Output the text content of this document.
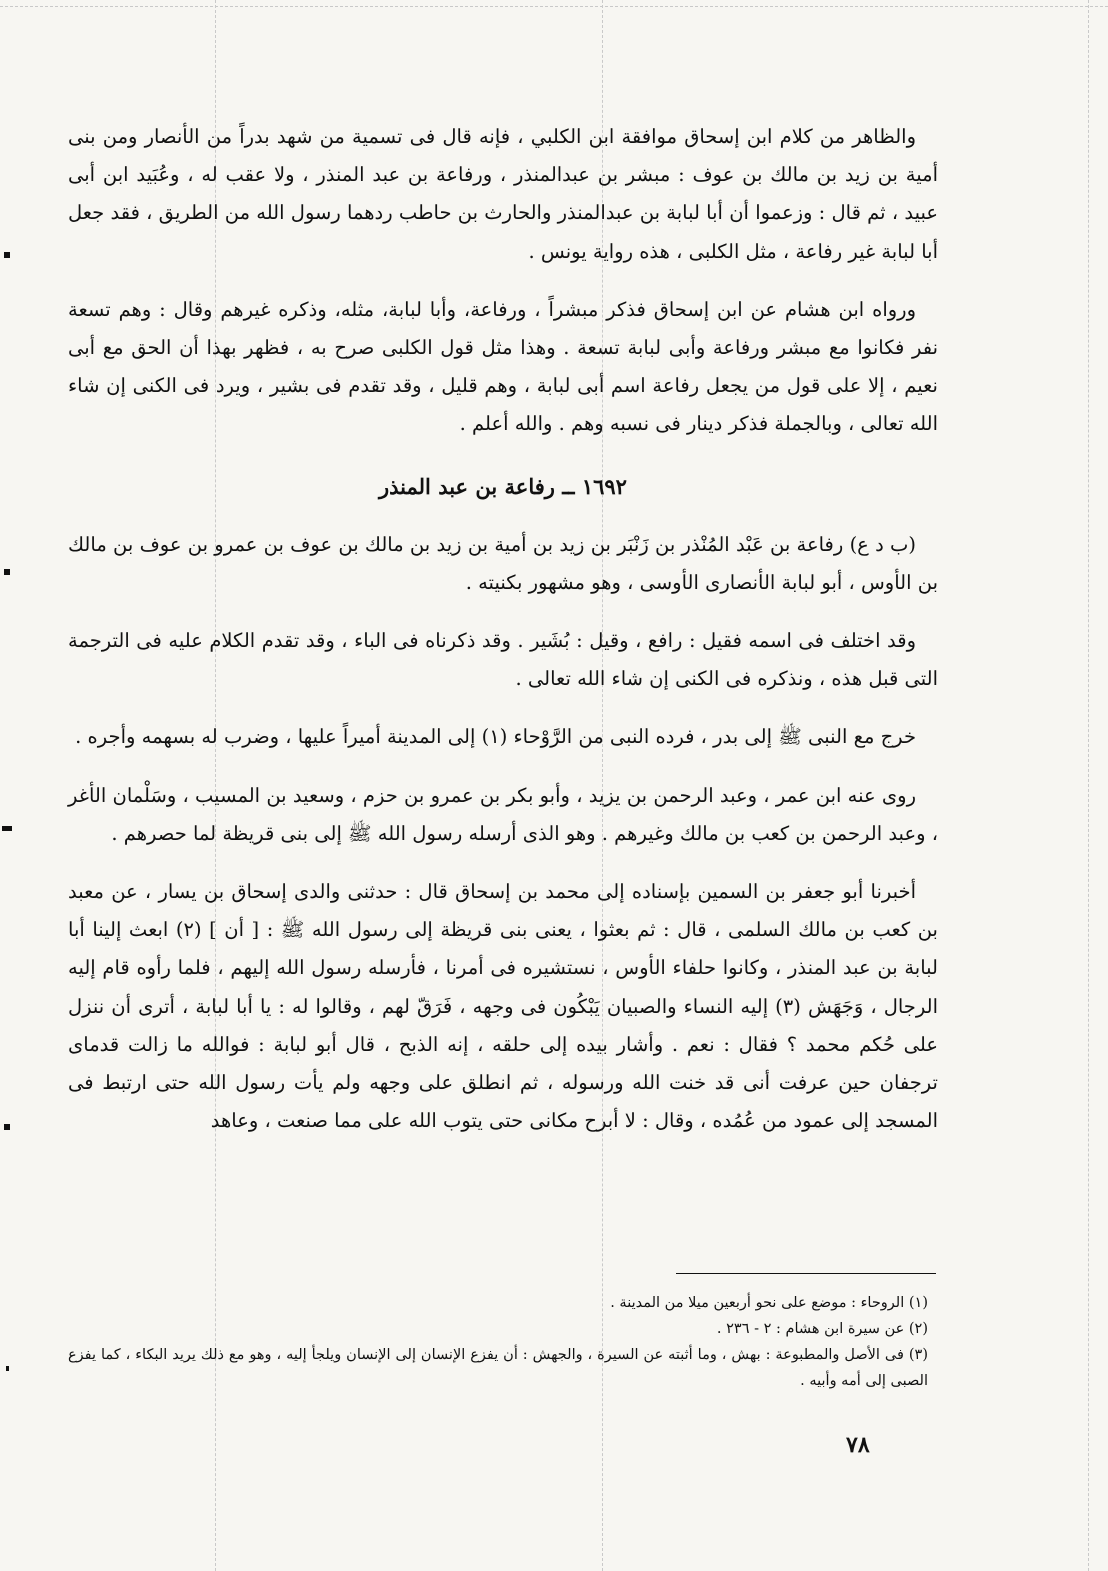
والظاهر من كلام ابن إسحاق موافقة ابن الكلبي ، فإنه قال فى تسمية من شهد بدراً من الأنصار ومن بنى أمية بن زيد بن مالك بن عوف : مبشر بن عبدالمنذر ، ورفاعة بن عبد المنذر ، ولا عقب له ، وعُبَيد ابن أبى عبيد ، ثم قال : وزعموا أن أبا لبابة بن عبدالمنذر والحارث بن حاطب ردهما رسول الله من الطريق ، فقد جعل أبا لبابة غير رفاعة ، مثل الكلبى ، هذه رواية يونس .

ورواه ابن هشام عن ابن إسحاق فذكر مبشراً ، ورفاعة، وأبا لبابة، مثله، وذكره غيرهم وقال : وهم تسعة نفر فكانوا مع مبشر ورفاعة وأبى لبابة تسعة . وهذا مثل قول الكلبى صرح به ، فظهر بهذا أن الحق مع أبى نعيم ، إلا على قول من يجعل رفاعة اسم أبى لبابة ، وهم قليل ، وقد تقدم فى بشير ، ويرد فى الكنى إن شاء الله تعالى ، وبالجملة فذكر دينار فى نسبه وهم . والله أعلم .

١٦٩٢ ــ رفاعة بن عبد المنذر

(ب د ع) رفاعة بن عَبْد المُنْذر بن زَنْبَر بن زيد بن أمية بن زيد بن مالك بن عوف بن عمرو بن عوف بن مالك بن الأوس ، أبو لبابة الأنصارى الأوسى ، وهو مشهور بكنيته .

وقد اختلف فى اسمه فقيل : رافع ، وقيل : بُشَير . وقد ذكرناه فى الباء ، وقد تقدم الكلام عليه فى الترجمة التى قبل هذه ، ونذكره فى الكنى إن شاء الله تعالى .

خرج مع النبى ﷺ إلى بدر ، فرده النبى من الرَّوْحاء (١) إلى المدينة أميراً عليها ، وضرب له بسهمه وأجره .

روى عنه ابن عمر ، وعبد الرحمن بن يزيد ، وأبو بكر بن عمرو بن حزم ، وسعيد بن المسيب ، وسَلْمان الأغر ، وعبد الرحمن بن كعب بن مالك وغيرهم . وهو الذى أرسله رسول الله ﷺ إلى بنى قريظة لما حصرهم .

أخبرنا أبو جعفر بن السمين بإسناده إلى محمد بن إسحاق قال : حدثنى والدى إسحاق بن يسار ، عن معبد بن كعب بن مالك السلمى ، قال : ثم بعثوا ، يعنى بنى قريظة إلى رسول الله ﷺ : [ أن ] (٢) ابعث إلينا أبا لبابة بن عبد المنذر ، وكانوا حلفاء الأوس ، نستشيره فى أمرنا ، فأرسله رسول الله إليهم ، فلما رأوه قام إليه الرجال ، وَجَهَش (٣) إليه النساء والصبيان يَبْكُون فى وجهه ، فَرَقّ لهم ، وقالوا له : يا أبا لبابة ، أترى أن ننزل على حُكم محمد ؟ فقال : نعم . وأشار بيده إلى حلقه ، إنه الذبح ، قال أبو لبابة : فوالله ما زالت قدماى ترجفان حين عرفت أنى قد خنت الله ورسوله ، ثم انطلق على وجهه ولم يأت رسول الله حتى ارتبط فى المسجد إلى عمود من عُمُده ، وقال : لا أبرح مكانى حتى يتوب الله على مما صنعت ، وعاهد

(١) الروحاء : موضع على نحو أربعين ميلا من المدينة .

(٢) عن سيرة ابن هشام : ٢ - ٢٣٦ .

(٣) فى الأصل والمطبوعة : بهش ، وما أثبته عن السيرة ، والجهش : أن يفزع الإنسان إلى الإنسان ويلجأ إليه ، وهو مع ذلك يريد البكاء ، كما يفزع الصبى إلى أمه وأبيه .

٧٨
